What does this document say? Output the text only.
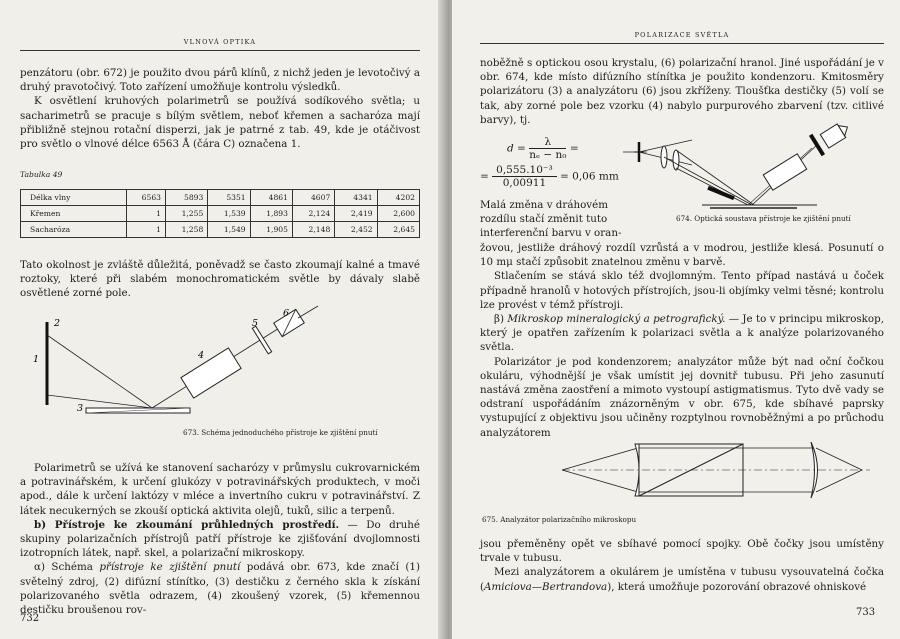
VLNOVÁ OPTIKA

penzátoru (obr. 672) je použito dvou párů klínů, z nichž jeden je levotočivý a druhý pravotočivý. Toto zařízení umožňuje kontrolu výsledků.

K osvětlení kruhových polarimetrů se používá sodíkového světla; u sacharimetrů se pracuje s bílým světlem, neboť křemen a sacharóza mají přibližně stejnou rotační disperzi, jak je patrné z tab. 49, kde je otáčivost pro světlo o vlnové délce 6563 Å (čára C) označena 1.

Tabulka 49
Délka vlny	6563	5893	5351	4861	4607	4341	4202
Křemen	1	1,255	1,539	1,893	2,124	2,419	2,600
Sacharóza	1	1,258	1,549	1,905	2,148	2,452	2,645

Tato okolnost je zvláště důležitá, poněvadž se často zkoumají kalné a tmavé roztoky, které při slabém monochromatickém světle by dávaly slabě osvětlené zorné pole.

1
2
3
4
5
6
673. Schéma jednoduchého přístroje ke zjištění pnutí

Polarimetrů se užívá ke stanovení sacharózy v průmyslu cukrovarnickém a potravinářském, k určení glukózy v potravinářských produktech, v moči apod., dále k určení laktózy v mléce a invertního cukru v potravinářství. Z látek necukerných se zkouší optická aktivita olejů, tuků, silic a terpenů.

b) Přístroje ke zkoumání průhledných prostředí. — Do druhé skupiny polarizačních přístrojů patří přístroje ke zjišťování dvojlomnosti izotropních látek, např. skel, a polarizační mikroskopy.

α) Schéma přístroje ke zjištění pnutí podává obr. 673, kde značí (1) světelný zdroj, (2) difúzní stínítko, (3) destičku z černého skla k získání polarizovaného světla odrazem, (4) zkoušený vzorek, (5) křemennou destičku broušenou rov-

732
POLARIZACE SVĚTLA

noběžně s optickou osou krystalu, (6) polarizační hranol. Jiné uspořádání je v obr. 674, kde místo difúzního stínítka je použito kondenzoru. Kmitosměry polarizátoru (3) a analyzátoru (6) jsou zkříženy. Tloušťka destičky (5) volí se tak, aby zorné pole bez vzorku (4) nabylo purpurového zbarvení (tzv. citlivé barvy), tj.

$d = \frac{\lambda}{\text{nₑ − n₀}}$ =
= $\frac{\text{0,555.10⁻³}}{0,00911} = 0,06$ mm
674. Optická soustava přístroje ke zjištění pnutí
Malá změna v dráhovém
rozdílu stačí změnit tuto
interferenční barvu v oran-

žovou, jestliže dráhový rozdíl vzrůstá a v modrou, jestliže klesá. Posunutí o 10 mμ stačí způsobit znatelnou změnu v barvě.

Stlačením se stává sklo též dvojlomným. Tento případ nastává u čoček případně hranolů v hotových přístrojích, jsou-li objímky velmi těsné; kontrolu lze provést v témž přístroji.

β) Mikroskop mineralogický a petrografický. — Je to v principu mikroskop, který je opatřen zařízením k polarizaci světla a k analýze polarizovaného světla.

Polarizátor je pod kondenzorem; analyzátor může být nad oční čočkou okuláru, výhodnější je však umístit jej dovnitř tubusu. Při jeho zasunutí nastává změna zaostření a mimoto vystoupí astigmatismus. Tyto dvě vady se odstraní uspořádáním znázorněným v obr. 675, kde sbíhavé paprsky vystupující z objektivu jsou učiněny rozptylnou rovnoběžnými a po průchodu analyzátorem

675. Analyzátor polarizačního mikroskopu

jsou přeměněny opět ve sbíhavé pomocí spojky. Obě čočky jsou umístěny trvale v tubusu.

Mezi analyzátorem a okulárem je umístěna v tubusu vysouvatelná čočka (Amiciova—Bertrandova), která umožňuje pozorování obrazové ohniskové

733
